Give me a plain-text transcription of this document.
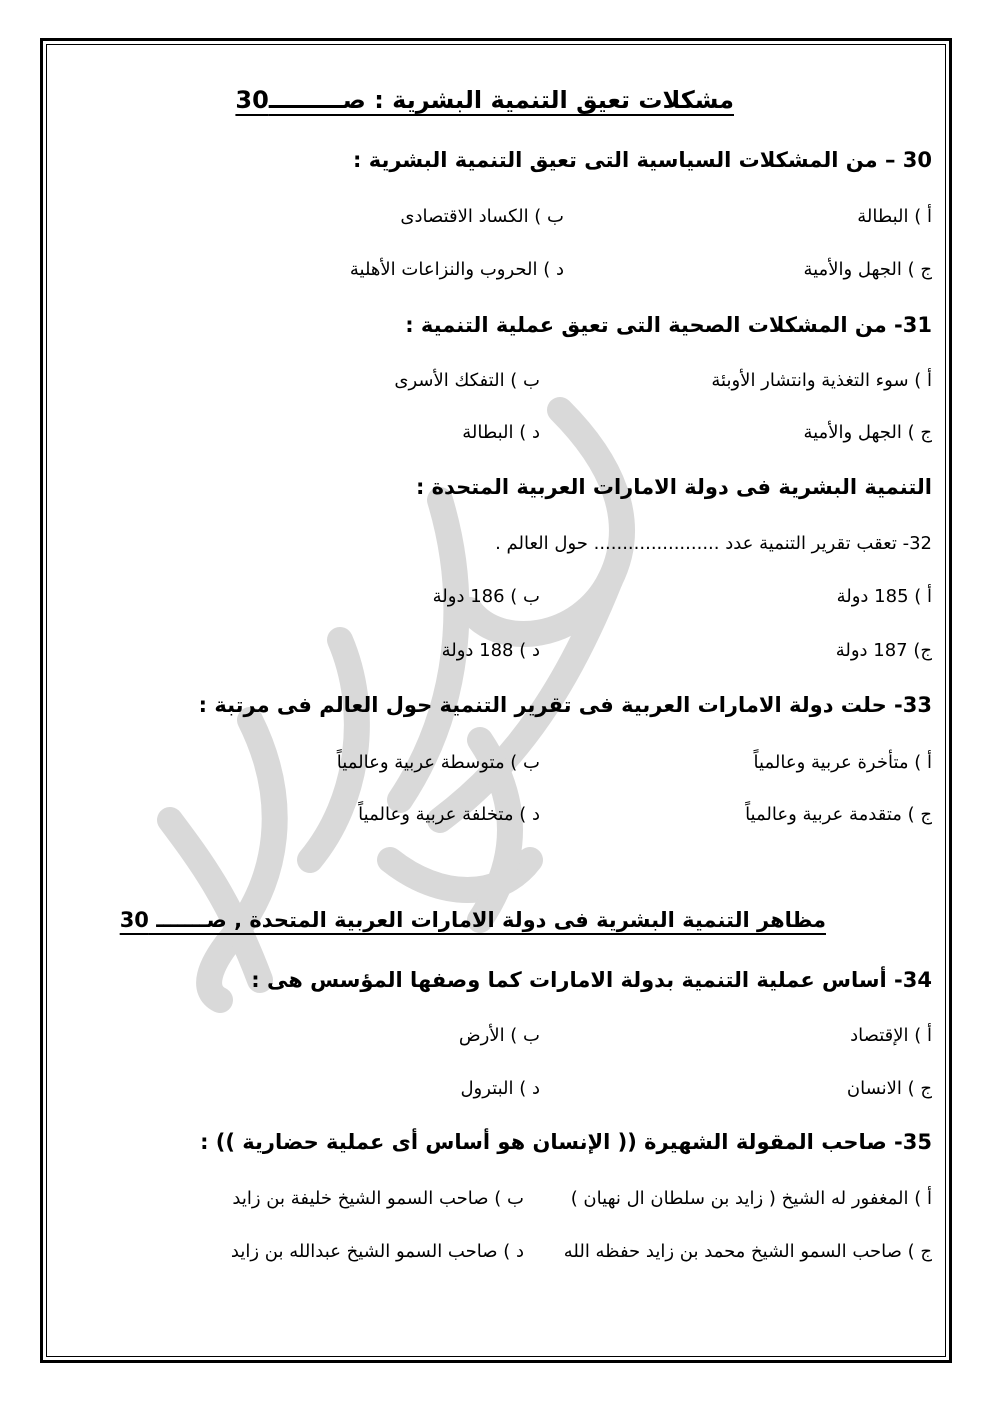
مشكلات تعيق التنمية البشرية : صـــــــــ30
30 – من المشكلات السياسية التى تعيق التنمية البشرية :
أ ) البطالة
ب ) الكساد الاقتصادى
ج ) الجهل والأمية
د ) الحروب والنزاعات الأهلية
31- من المشكلات الصحية التى تعيق عملية التنمية :
أ ) سوء التغذية وانتشار الأوبئة
ب ) التفكك الأسرى
ج ) الجهل والأمية
د ) البطالة
التنمية البشرية فى دولة الامارات العربية المتحدة :
32- تعقب تقرير التنمية عدد ...................... حول العالم .
أ ) 185 دولة
ب ) 186 دولة
ج) 187 دولة
د ) 188 دولة
33- حلت دولة الامارات العربية فى تقرير التنمية حول العالم فى مرتبة :
أ ) متأخرة عربية وعالمياً
ب ) متوسطة عربية وعالمياً
ج ) متقدمة عربية وعالمياً
د ) متخلفة عربية وعالمياً
مظاهر التنمية البشرية فى دولة الامارات العربية المتحدة , صـــــــ 30
34- أساس عملية التنمية بدولة الامارات كما وصفها المؤسس هى :
أ ) الإقتصاد
ب ) الأرض
ج ) الانسان
د ) البترول
35- صاحب المقولة الشهيرة (( الإنسان هو أساس أى عملية حضارية )) :
أ ) المغفور له الشيخ ( زايد بن سلطان ال نهيان )
ب ) صاحب السمو الشيخ خليفة بن زايد
ج ) صاحب السمو الشيخ محمد بن زايد حفظه الله
د ) صاحب السمو الشيخ عبدالله بن زايد
